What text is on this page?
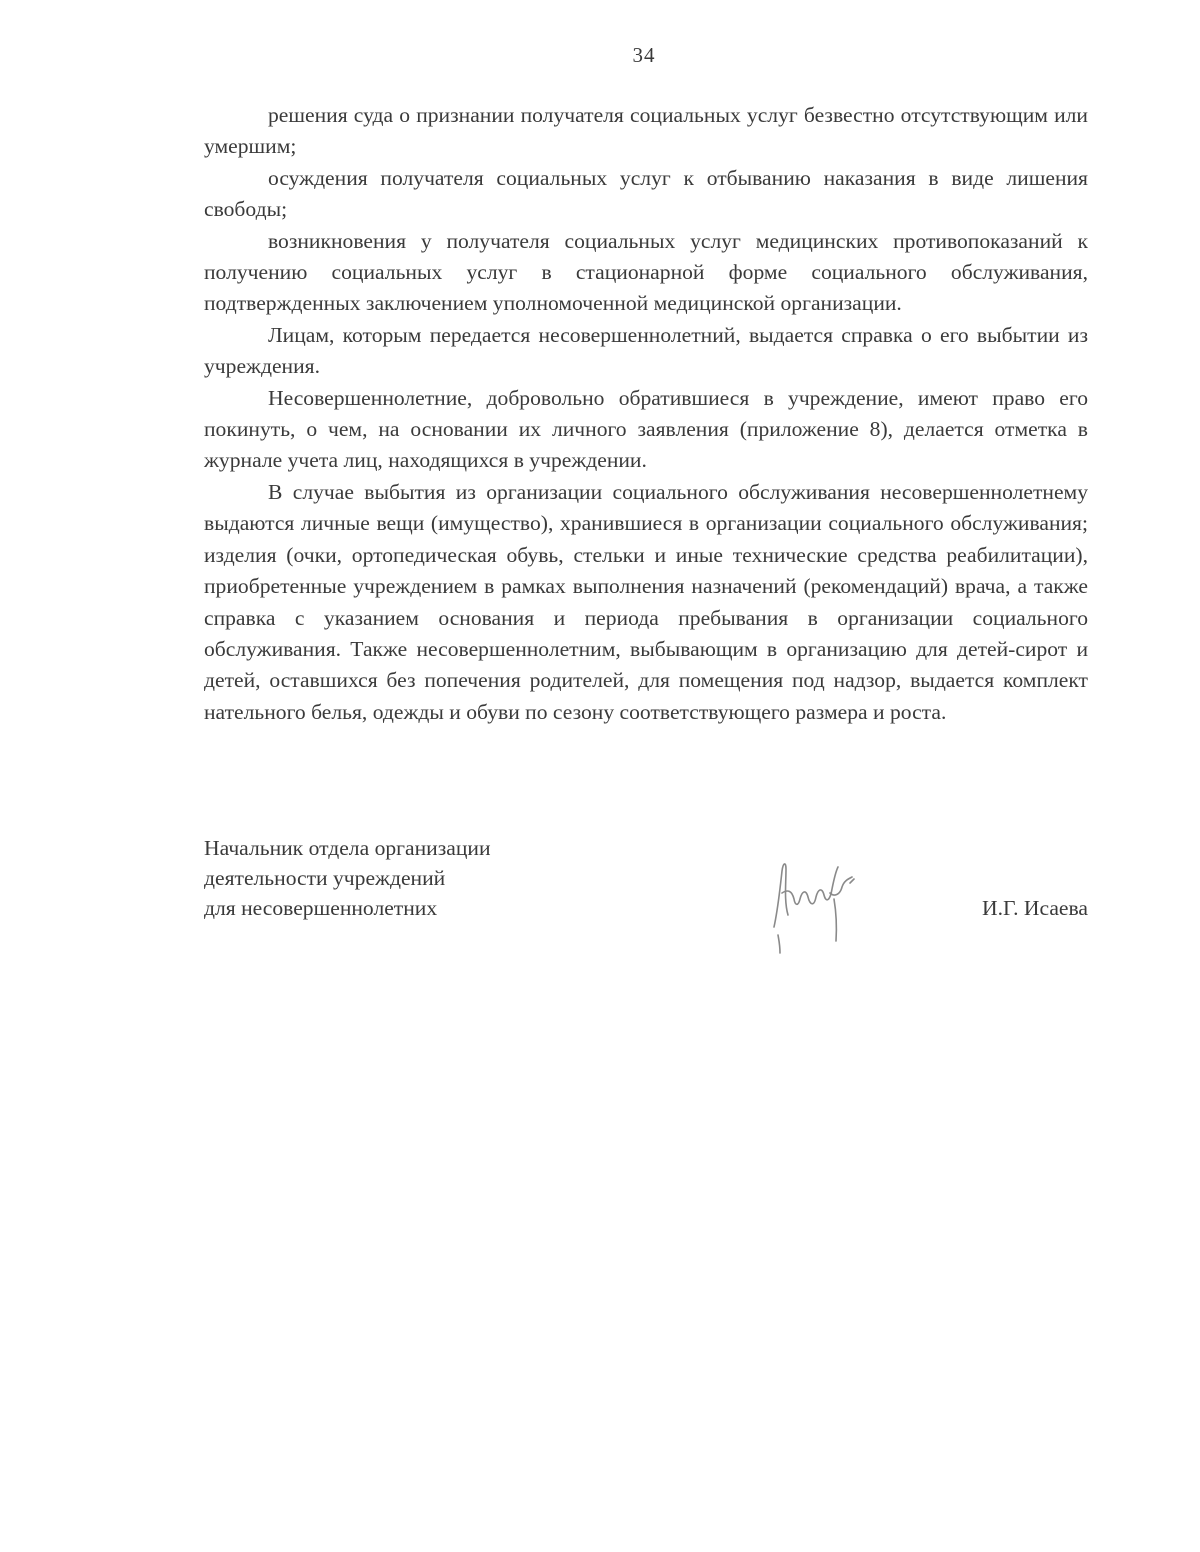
34

решения суда о признании получателя социальных услуг безвестно отсутствующим или умершим;

осуждения получателя социальных услуг к отбыванию наказания в виде лишения свободы;

возникновения у получателя социальных услуг медицинских противопоказаний к получению социальных услуг в стационарной форме социального обслуживания, подтвержденных заключением уполномоченной медицинской организации.

Лицам, которым передается несовершеннолетний, выдается справка о его выбытии из учреждения.

Несовершеннолетние, добровольно обратившиеся в учреждение, имеют право его покинуть, о чем, на основании их личного заявления (приложение 8), делается отметка в журнале учета лиц, находящихся в учреждении.

В случае выбытия из организации социального обслуживания несовершеннолетнему выдаются личные вещи (имущество), хранившиеся в организации социального обслуживания; изделия (очки, ортопедическая обувь, стельки и иные технические средства реабилитации), приобретенные учреждением в рамках выполнения назначений (рекомендаций) врача, а также справка с указанием основания и периода пребывания в организации социального обслуживания. Также несовершеннолетним, выбывающим в организацию для детей-сирот и детей, оставшихся без попечения родителей, для помещения под надзор, выдается комплект нательного белья, одежды и обуви по сезону соответствующего размера и роста.

Начальник отдела организации
деятельности учреждений
для несовершеннолетних	И.Г. Исаева
